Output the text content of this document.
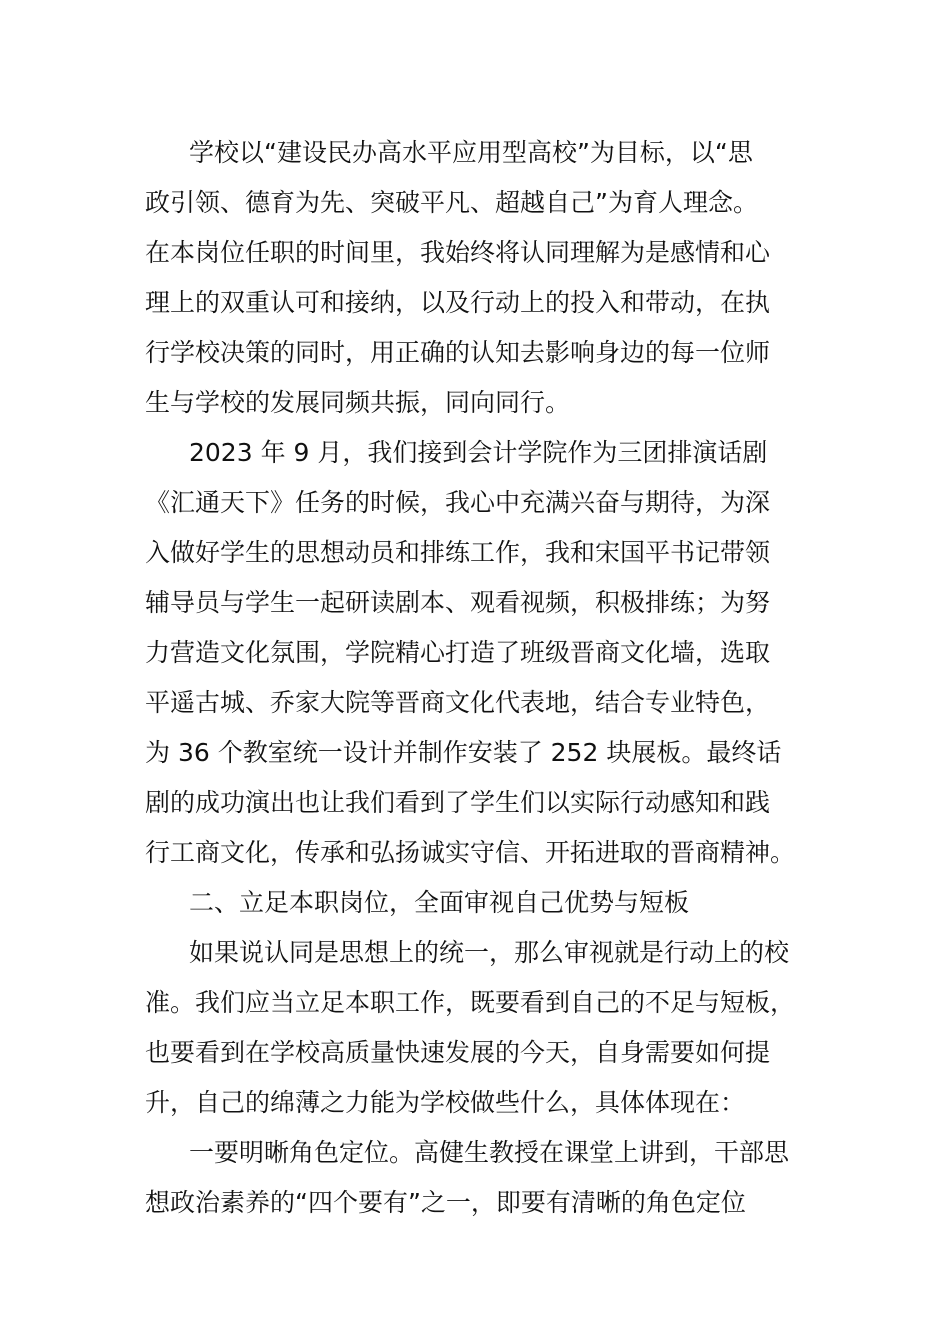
学校以“建设民办高水平应用型高校”为目标，以“思
政引领、德育为先、突破平凡、超越自己”为育人理念。
在本岗位任职的时间里，我始终将认同理解为是感情和心
理上的双重认可和接纳，以及行动上的投入和带动，在执
行学校决策的同时，用正确的认知去影响身边的每一位师
生与学校的发展同频共振，同向同行。
2023 年 9 月，我们接到会计学院作为三团排演话剧
《汇通天下》任务的时候，我心中充满兴奋与期待，为深
入做好学生的思想动员和排练工作，我和宋国平书记带领
辅导员与学生一起研读剧本、观看视频，积极排练；为努
力营造文化氛围，学院精心打造了班级晋商文化墙，选取
平遥古城、乔家大院等晋商文化代表地，结合专业特色，
为 36 个教室统一设计并制作安装了 252 块展板。最终话
剧的成功演出也让我们看到了学生们以实际行动感知和践
行工商文化，传承和弘扬诚实守信、开拓进取的晋商精神。
二、立足本职岗位，全面审视自己优势与短板
如果说认同是思想上的统一，那么审视就是行动上的校
准。我们应当立足本职工作，既要看到自己的不足与短板，
也要看到在学校高质量快速发展的今天，自身需要如何提
升，自己的绵薄之力能为学校做些什么，具体体现在：
一要明晰角色定位。高健生教授在课堂上讲到，干部思
想政治素养的“四个要有”之一，即要有清晰的角色定位
